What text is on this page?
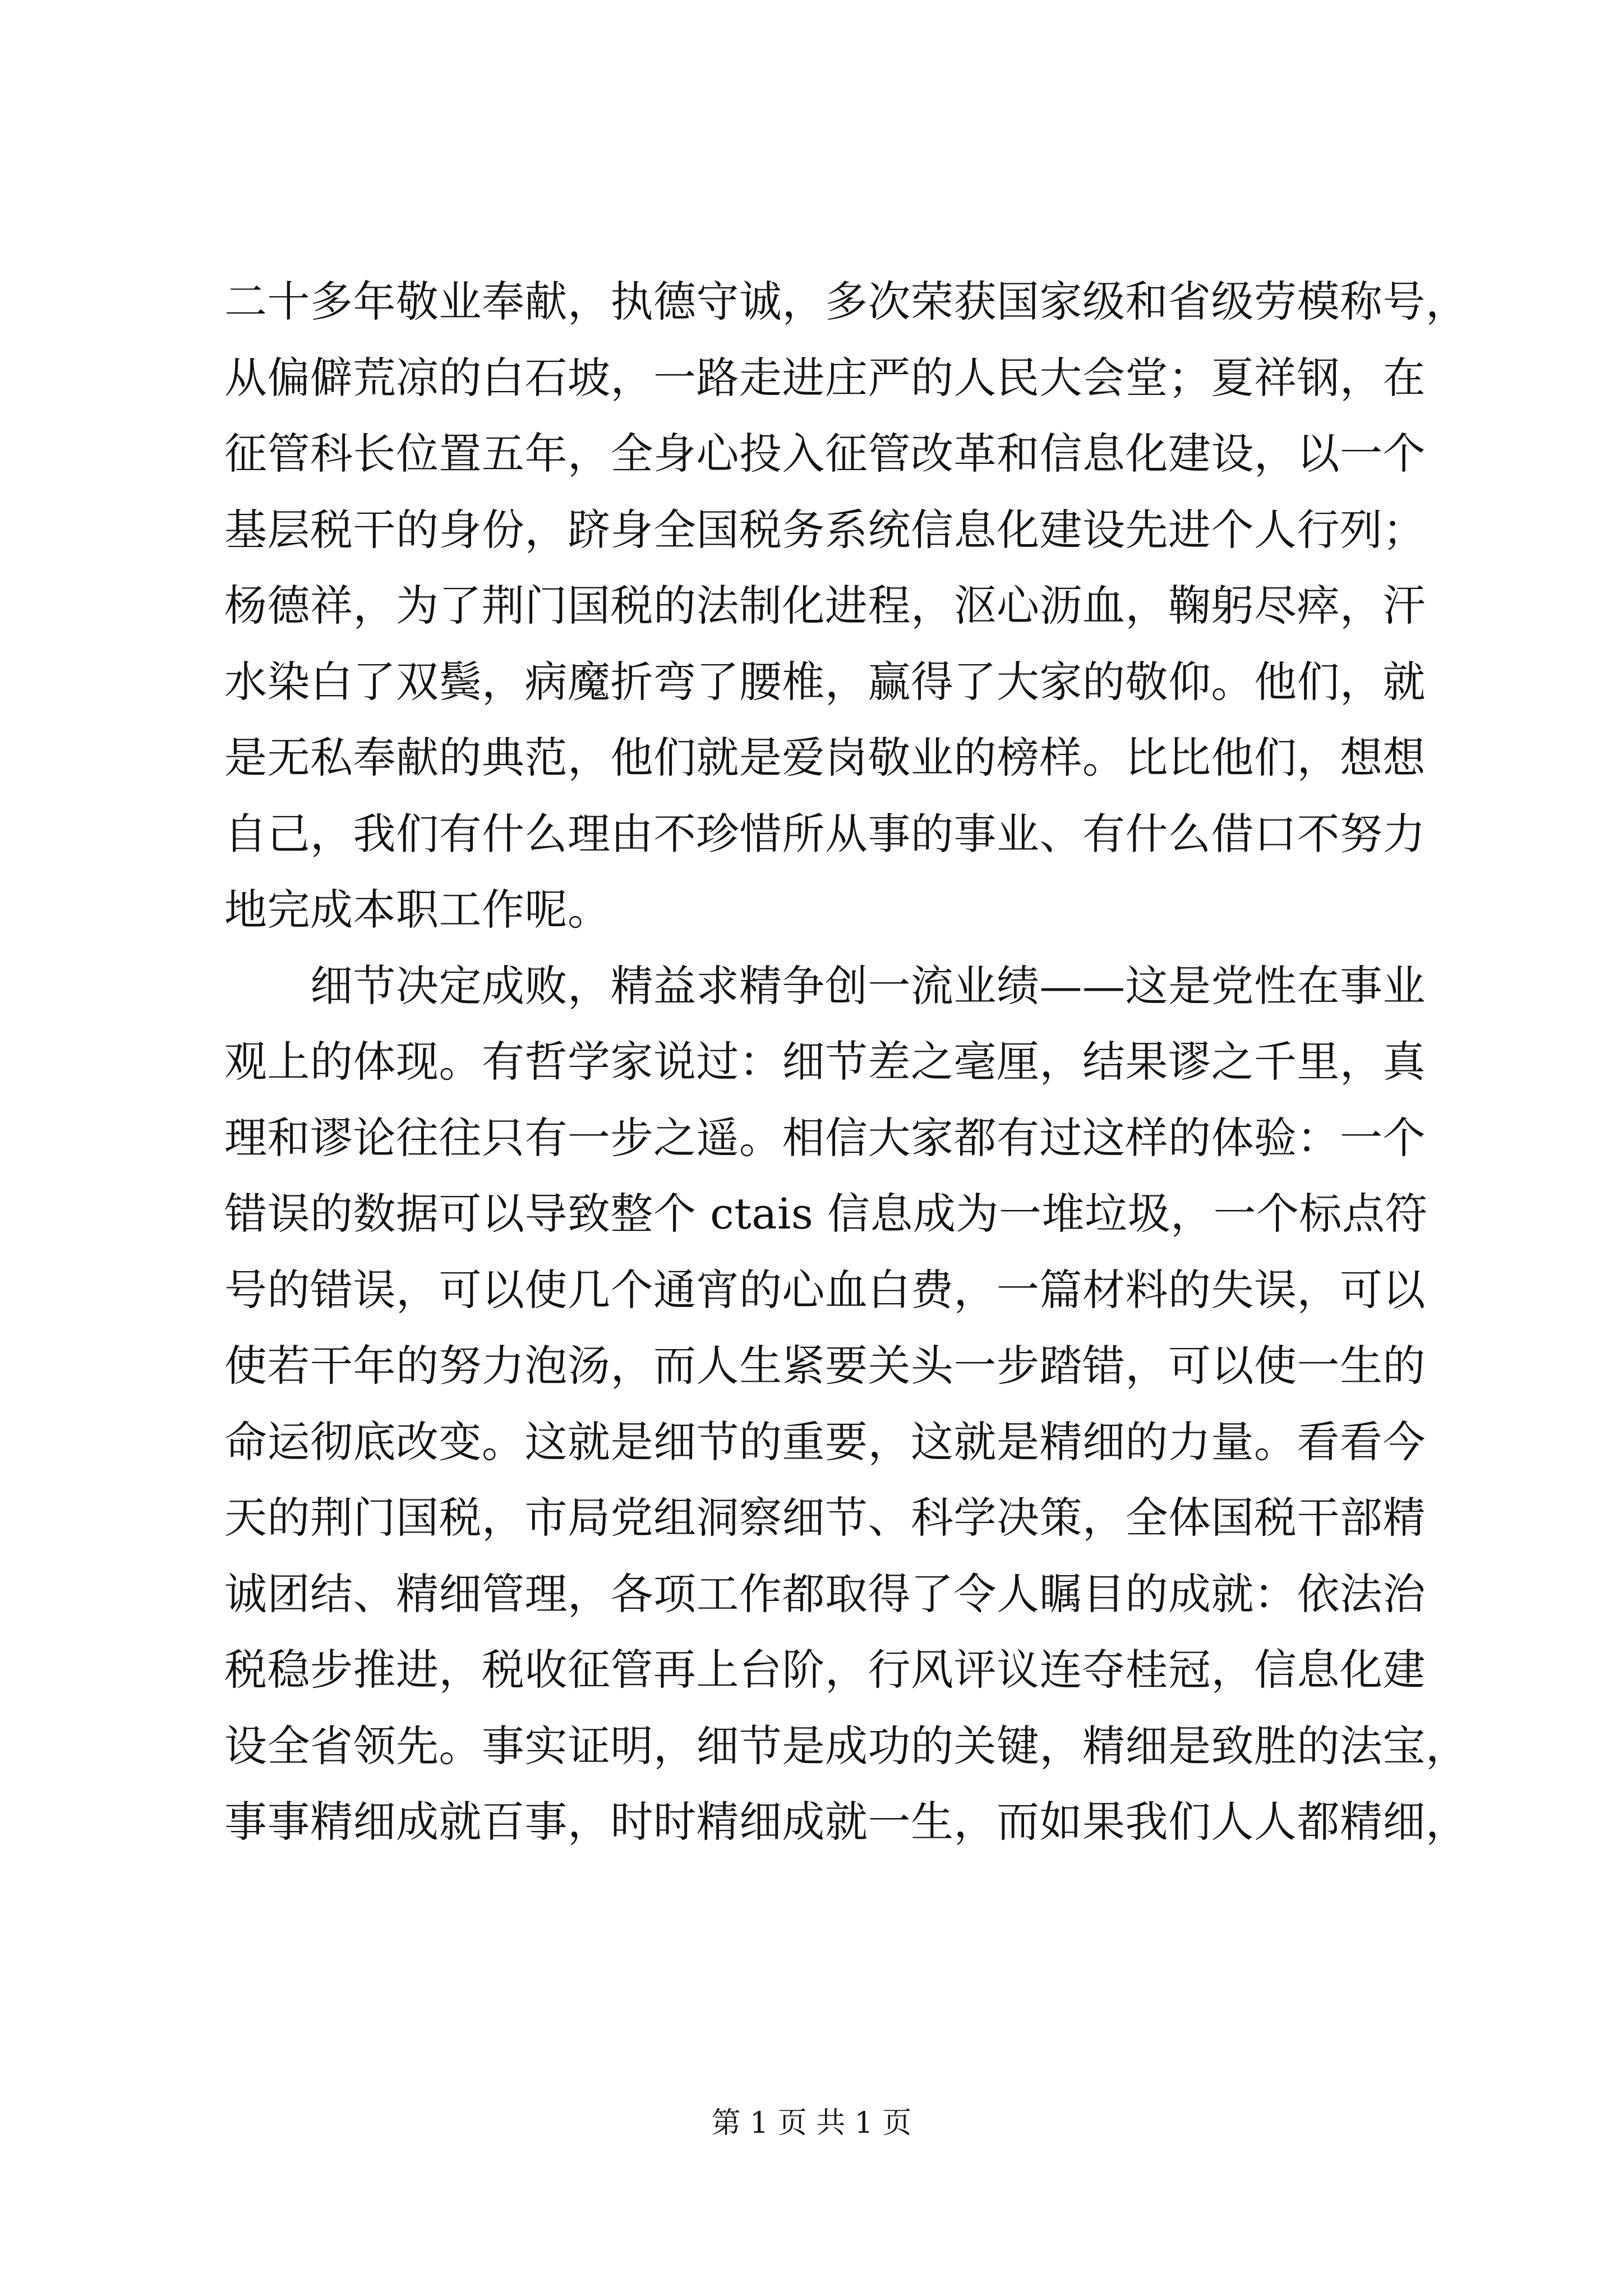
二十多年敬业奉献，执德守诚，多次荣获国家级和省级劳模称号，
从偏僻荒凉的白石坡，一路走进庄严的人民大会堂；夏祥钢，在
征管科长位置五年，全身心投入征管改革和信息化建设，以一个
基层税干的身份，跻身全国税务系统信息化建设先进个人行列；
杨德祥，为了荆门国税的法制化进程，沤心沥血，鞠躬尽瘁，汗
水染白了双鬓，病魔折弯了腰椎，赢得了大家的敬仰。他们，就
是无私奉献的典范，他们就是爱岗敬业的榜样。比比他们，想想
自己，我们有什么理由不珍惜所从事的事业、有什么借口不努力
地完成本职工作呢。
　　细节决定成败，精益求精争创一流业绩——这是党性在事业
观上的体现。有哲学家说过：细节差之毫厘，结果谬之千里，真
理和谬论往往只有一步之遥。相信大家都有过这样的体验：一个
错误的数据可以导致整个 ctais 信息成为一堆垃圾，一个标点符
号的错误，可以使几个通宵的心血白费，一篇材料的失误，可以
使若干年的努力泡汤，而人生紧要关头一步踏错，可以使一生的
命运彻底改变。这就是细节的重要，这就是精细的力量。看看今
天的荆门国税，市局党组洞察细节、科学决策，全体国税干部精
诚团结、精细管理，各项工作都取得了令人瞩目的成就：依法治
税稳步推进，税收征管再上台阶，行风评议连夺桂冠，信息化建
设全省领先。事实证明，细节是成功的关键，精细是致胜的法宝，
事事精细成就百事，时时精细成就一生，而如果我们人人都精细，
第 1 页 共 1 页
